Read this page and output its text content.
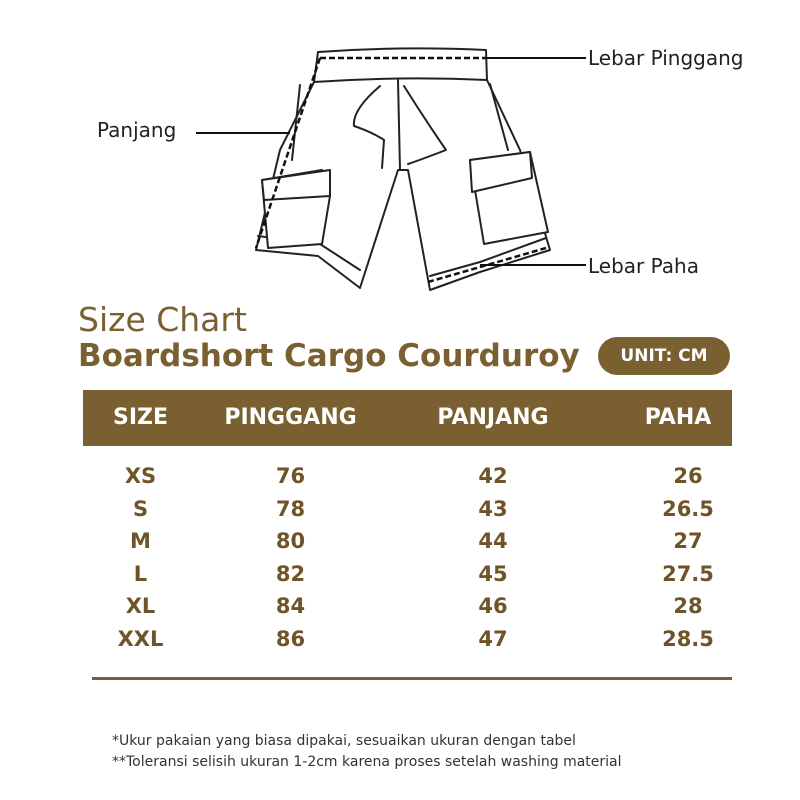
Lebar Pinggang
Panjang
Lebar Paha
Size Chart
Boardshort Cargo Courduroy	UNIT: CM
SIZE	PINGGANG	PANJANG	PAHA
XS	76	42	26
S	78	43	26.5
M	80	44	27
L	82	45	27.5
XL	84	46	28
XXL	86	47	28.5
*Ukur pakaian yang biasa dipakai, sesuaikan ukuran dengan tabel
**Toleransi selisih ukuran 1-2cm karena proses setelah washing material
